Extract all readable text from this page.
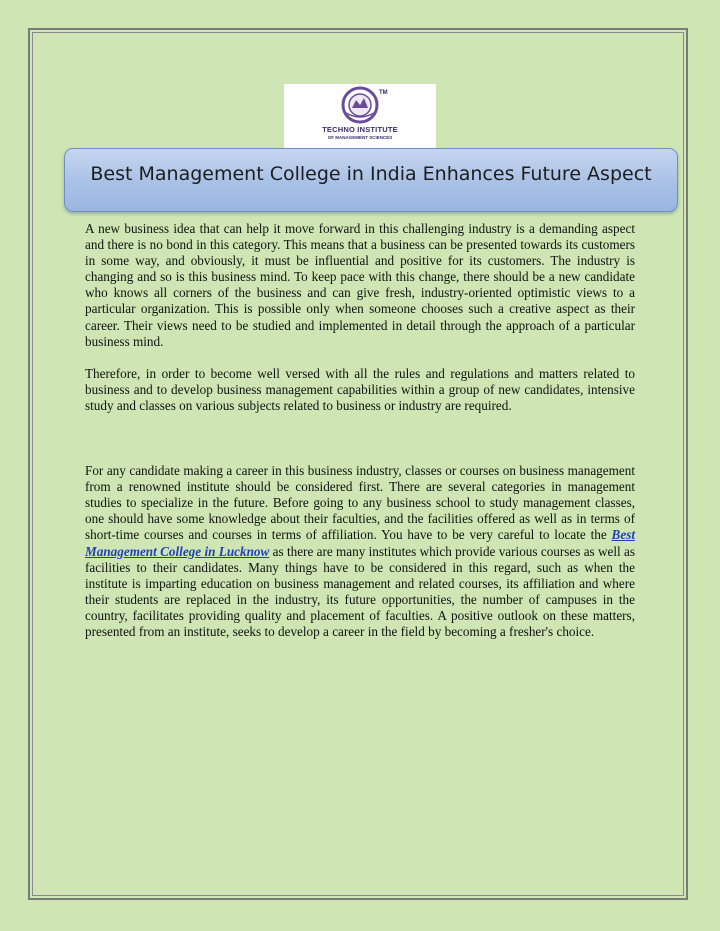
TM
TECHNO INSTITUTE
OF MANAGEMENT SCIENCES
Best Management College in India Enhances Future Aspect

A new business idea that can help it move forward in this challenging industry is a demanding aspect and there is no bond in this category. This means that a business can be presented towards its customers in some way, and obviously, it must be influential and positive for its customers. The industry is changing and so is this business mind. To keep pace with this change, there should be a new candidate who knows all corners of the business and can give fresh, industry-oriented optimistic views to a particular organization. This is possible only when someone chooses such a creative aspect as their career. Their views need to be studied and implemented in detail through the approach of a particular business mind.

Therefore, in order to become well versed with all the rules and regulations and matters related to business and to develop business management capabilities within a group of new candidates, intensive study and classes on various subjects related to business or industry are required.

For any candidate making a career in this business industry, classes or courses on business management from a renowned institute should be considered first. There are several categories in management studies to specialize in the future. Before going to any business school to study management classes, one should have some knowledge about their faculties, and the facilities offered as well as in terms of short-time courses and courses in terms of affiliation. You have to be very careful to locate the Best Management College in Lucknow as there are many institutes which provide various courses as well as facilities to their candidates. Many things have to be considered in this regard, such as when the institute is imparting education on business management and related courses, its affiliation and where their students are replaced in the industry, its future opportunities, the number of campuses in the country, facilitates providing quality and placement of faculties. A positive outlook on these matters, presented from an institute, seeks to develop a career in the field by becoming a fresher's choice.
